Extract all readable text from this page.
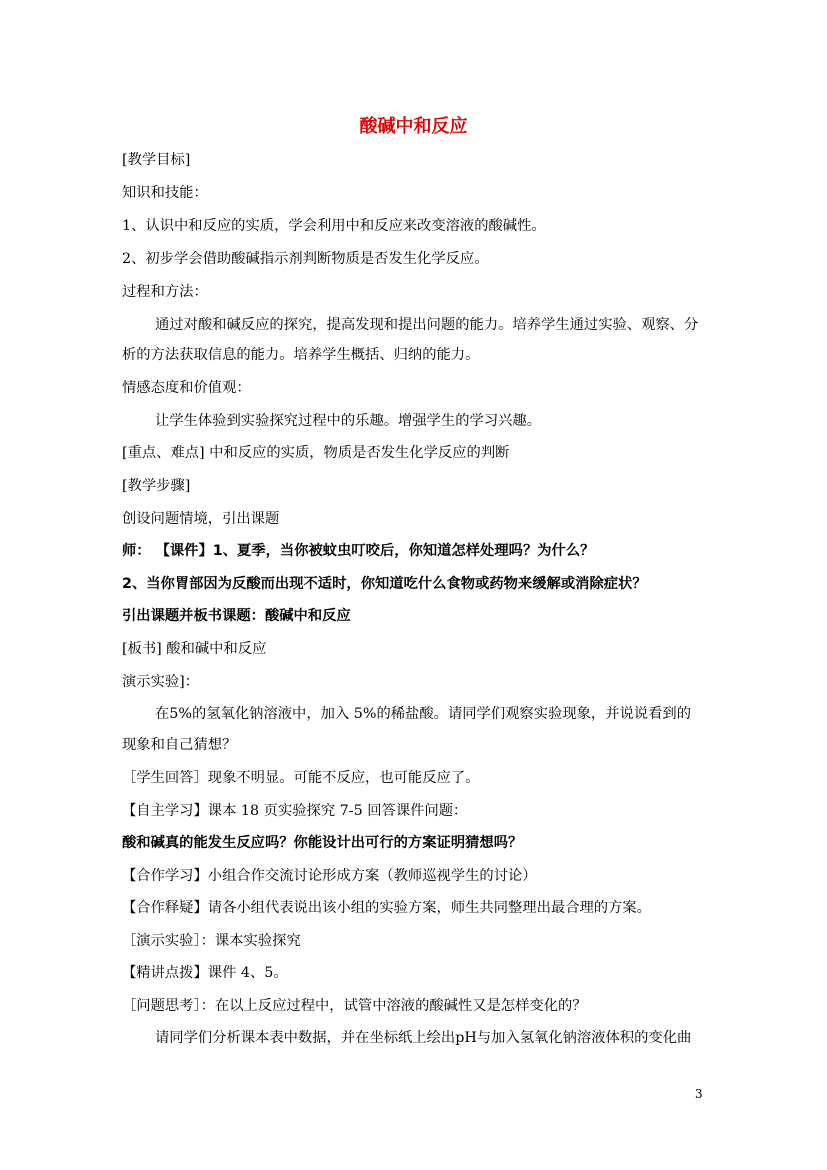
酸碱中和反应
[教学目标]
知识和技能：
1、认识中和反应的实质，学会利用中和反应来改变溶液的酸碱性。
2、初步学会借助酸碱指示剂判断物质是否发生化学反应。
过程和方法：
通过对酸和碱反应的探究，提高发现和提出问题的能力。培养学生通过实验、观察、分
析的方法获取信息的能力。培养学生概括、归纳的能力。
情感态度和价值观：
让学生体验到实验探究过程中的乐趣。增强学生的学习兴趣。
[重点、难点] 中和反应的实质，物质是否发生化学反应的判断
[教学步骤]
创设问题情境，引出课题
师： 【课件】1、夏季，当你被蚊虫叮咬后，你知道怎样处理吗？为什么？
2、当你胃部因为反酸而出现不适时，你知道吃什么食物或药物来缓解或消除症状？
引出课题并板书课题：酸碱中和反应
[板书] 酸和碱中和反应
演示实验]：
在5%的氢氧化钠溶液中，加入 5%的稀盐酸。请同学们观察实验现象，并说说看到的
现象和自己猜想？
［学生回答］现象不明显。可能不反应，也可能反应了。
【自主学习】课本 18 页实验探究 7-5 回答课件问题：
酸和碱真的能发生反应吗？你能设计出可行的方案证明猜想吗？
【合作学习】小组合作交流讨论形成方案（教师巡视学生的讨论）
【合作释疑】请各小组代表说出该小组的实验方案，师生共同整理出最合理的方案。
［演示实验］：课本实验探究
【精讲点拨】课件 4、5。
［问题思考］：在以上反应过程中，试管中溶液的酸碱性又是怎样变化的？
请同学们分析课本表中数据，并在坐标纸上绘出pH与加入氢氧化钠溶液体积的变化曲
3
